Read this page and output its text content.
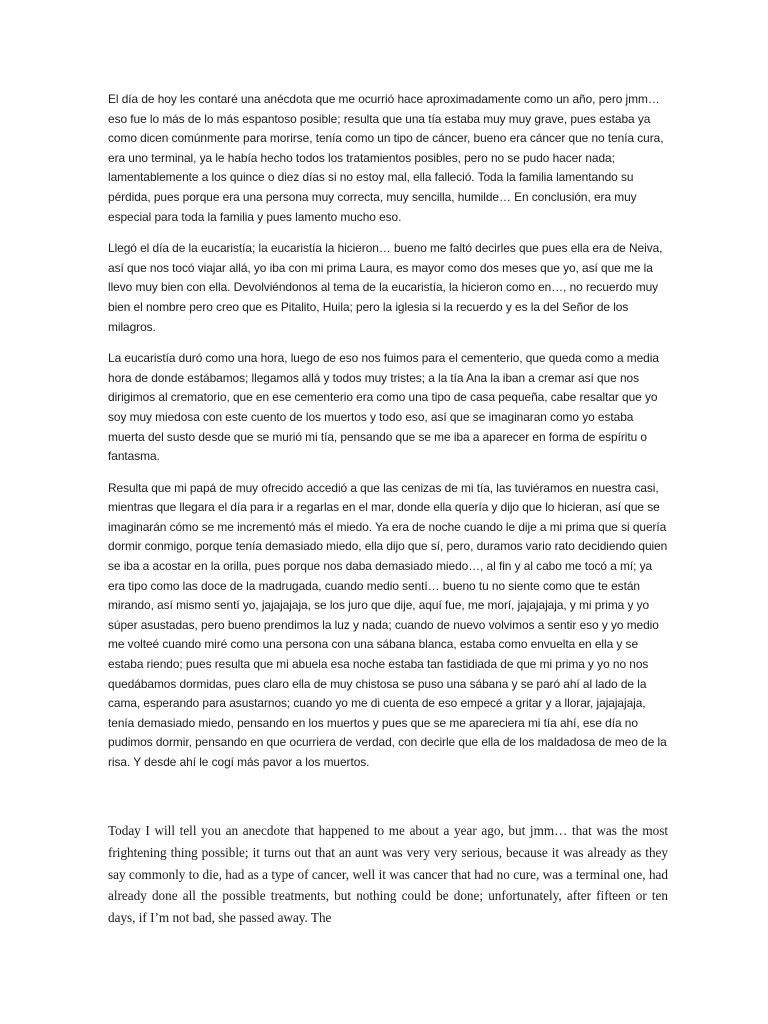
El día de hoy les contaré una anécdota que me ocurrió hace aproximadamente como un año, pero jmm… eso fue lo más de lo más espantoso posible; resulta que una tía estaba muy muy grave, pues estaba ya como dicen comúnmente para morirse, tenía como un tipo de cáncer, bueno era cáncer que no tenía cura, era uno terminal, ya le había hecho todos los tratamientos posibles, pero no se pudo hacer nada; lamentablemente a los quince o diez días si no estoy mal, ella falleció. Toda la familia lamentando su pérdida, pues porque era una persona muy correcta, muy sencilla, humilde… En conclusión, era muy especial para toda la familia y pues lamento mucho eso.

Llegó el día de la eucaristía; la eucaristía la hicieron… bueno me faltó decirles que pues ella era de Neiva, así que nos tocó viajar allá, yo iba con mi prima Laura, es mayor como dos meses que yo, así que me la llevo muy bien con ella. Devolviéndonos al tema de la eucaristía, la hicieron como en…, no recuerdo muy bien el nombre pero creo que es Pitalito, Huila; pero la iglesia si la recuerdo y es la del Señor de los milagros.

La eucaristía duró como una hora, luego de eso nos fuimos para el cementerio, que queda como a media hora de donde estábamos; llegamos allá y todos muy tristes; a la tía Ana la iban a cremar así que nos dirigimos al crematorio, que en ese cementerio era como una tipo de casa pequeña, cabe resaltar que yo soy muy miedosa con este cuento de los muertos y todo eso, así que se imaginaran como yo estaba muerta del susto desde que se murió mi tía, pensando que se me iba a aparecer en forma de espíritu o fantasma.

Resulta que mi papá de muy ofrecido accedió a que las cenizas de mi tía, las tuviéramos en nuestra casi, mientras que llegara el día para ir a regarlas en el mar, donde ella quería y dijo que lo hicieran, así que se imaginarán cómo se me incrementó más el miedo. Ya era de noche cuando le dije a mi prima que si quería dormir conmigo, porque tenía demasiado miedo, ella dijo que sí, pero, duramos vario rato decidiendo quien se iba a acostar en la orilla, pues porque nos daba demasiado miedo…, al fin y al cabo me tocó a mí; ya era tipo como las doce de la madrugada, cuando medio sentí… bueno tu no siente como que te están mirando, así mismo sentí yo, jajajajaja, se los juro que dije, aquí fue, me morí, jajajajaja, y mi prima y yo súper asustadas, pero bueno prendimos la luz y nada; cuando de nuevo volvimos a sentir eso y yo medio me volteé cuando miré como una persona con una sábana blanca, estaba como envuelta en ella y se estaba riendo; pues resulta que mi abuela esa noche estaba tan fastidiada de que mi prima y yo no nos quedábamos dormidas, pues claro ella de muy chistosa se puso una sábana y se paró ahí al lado de la cama, esperando para asustarnos; cuando yo me di cuenta de eso empecé a gritar y a llorar, jajajajaja, tenía demasiado miedo, pensando en los muertos y pues que se me apareciera mi tía ahí, ese día no pudimos dormir, pensando en que ocurriera de verdad, con decirle que ella de los maldadosa de meo de la risa. Y desde ahí le cogí más pavor a los muertos.

Today I will tell you an anecdote that happened to me about a year ago, but jmm… that was the most frightening thing possible; it turns out that an aunt was very very serious, because it was already as they say commonly to die, had as a type of cancer, well it was cancer that had no cure, was a terminal one, had already done all the possible treatments, but nothing could be done; unfortunately, after fifteen or ten days, if I’m not bad, she passed away. The
